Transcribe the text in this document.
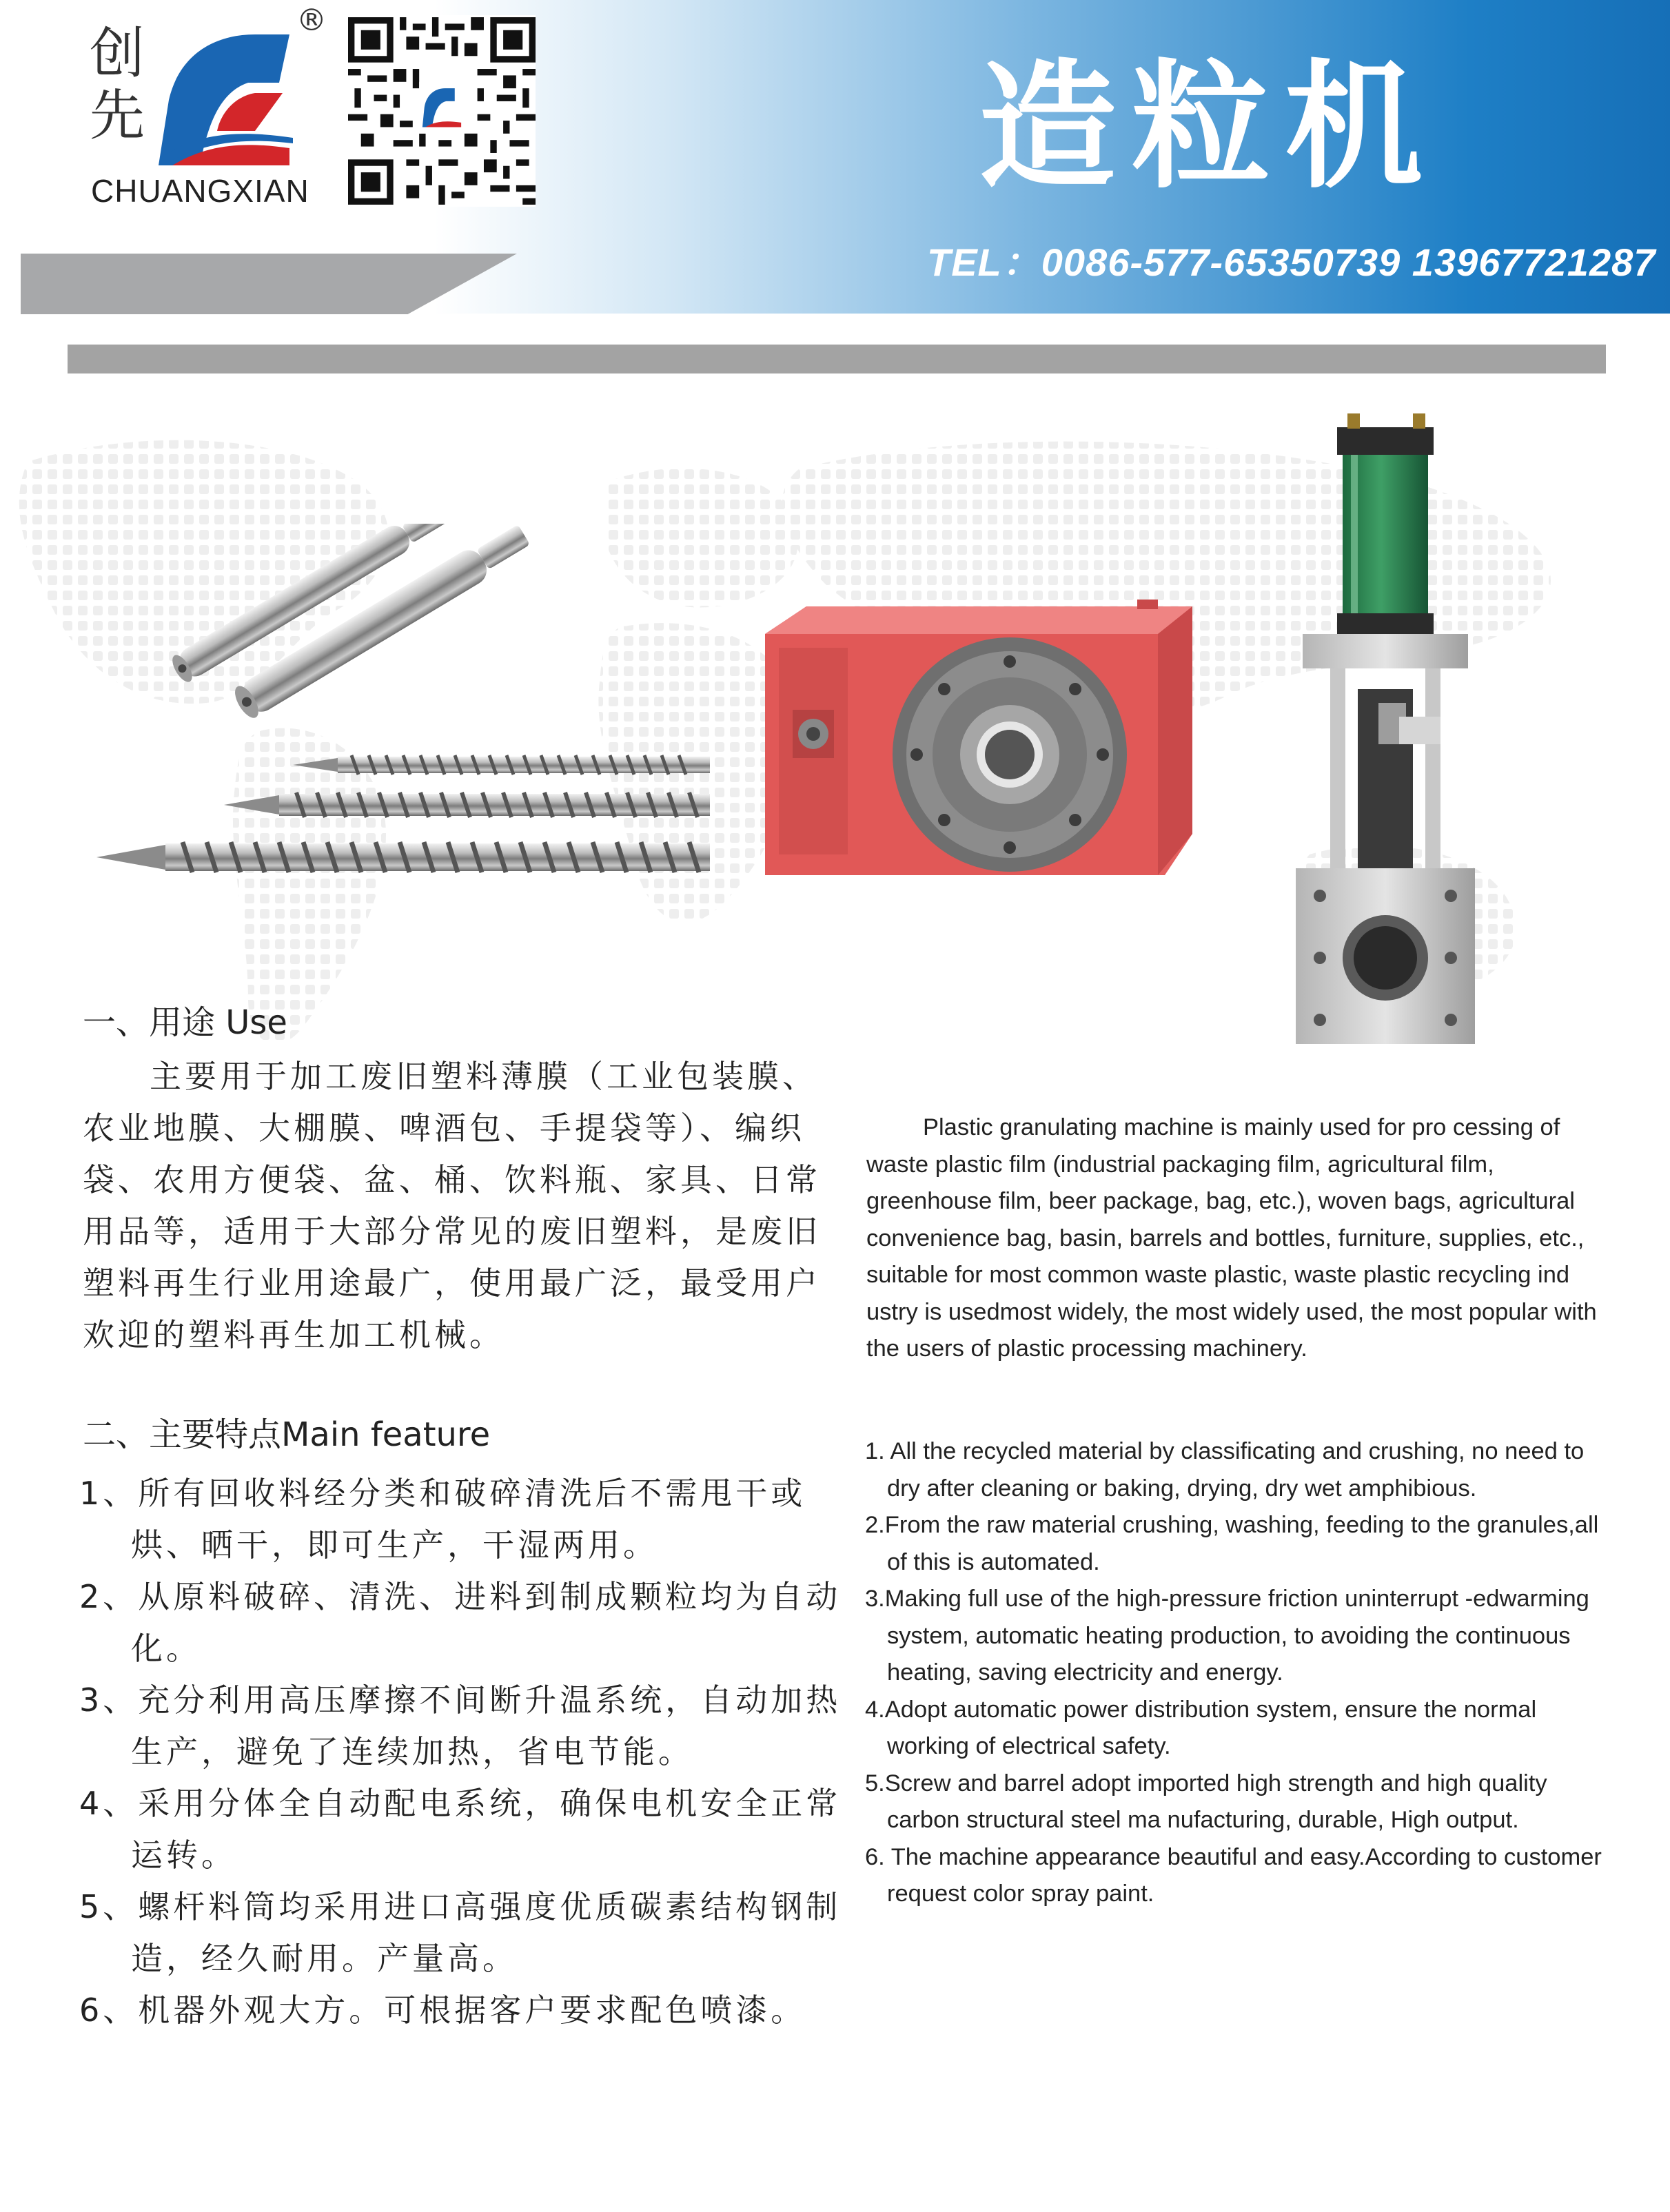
创
先
®
CHUANGXIAN	造粒机
TEL：0086-577-65350739 13967721287
一、用途 Use
主要用于加工废旧塑料薄膜（工业包装膜、农业地膜、大棚膜、啤酒包、手提袋等）、编织袋、农用方便袋、盆、桶、饮料瓶、家具、日常用品等，适用于大部分常见的废旧塑料，是废旧塑料再生行业用途最广，使用最广泛，最受用户欢迎的塑料再生加工机械。
Plastic granulating machine is mainly used for pro cessing of waste plastic film (industrial packaging film, agricultural film, greenhouse film, beer package, bag, etc.), woven bags, agricultural convenience bag, basin, barrels and bottles, furniture, supplies, etc., suitable for most common waste plastic, waste plastic recycling ind ustry is usedmost widely, the most widely used, the most popular with the users of plastic processing machinery.
二、主要特点Main feature
1、所有回收料经分类和破碎清洗后不需甩干或烘、晒干，即可生产，干湿两用。
2、从原料破碎、清洗、进料到制成颗粒均为自动化。
3、充分利用高压摩擦不间断升温系统，自动加热生产，避免了连续加热，省电节能。
4、采用分体全自动配电系统，确保电机安全正常运转。
5、螺杆料筒均采用进口高强度优质碳素结构钢制造，经久耐用。产量高。
6、机器外观大方。可根据客户要求配色喷漆。
1. All the recycled material by classificating and crushing, no need to dry after cleaning or baking, drying, dry wet amphibious.
2.From the raw material crushing, washing, feeding to the granules,all of this is automated.
3.Making full use of the high-pressure friction uninterrupt -edwarming system, automatic heating production, to avoiding the continuous heating, saving electricity and energy.
4.Adopt automatic power distribution system, ensure the normal working of electrical safety.
5.Screw and barrel adopt imported high strength and high quality carbon structural steel ma nufacturing, durable, High output.
6. The machine appearance beautiful and easy.According to customer request color spray paint.
